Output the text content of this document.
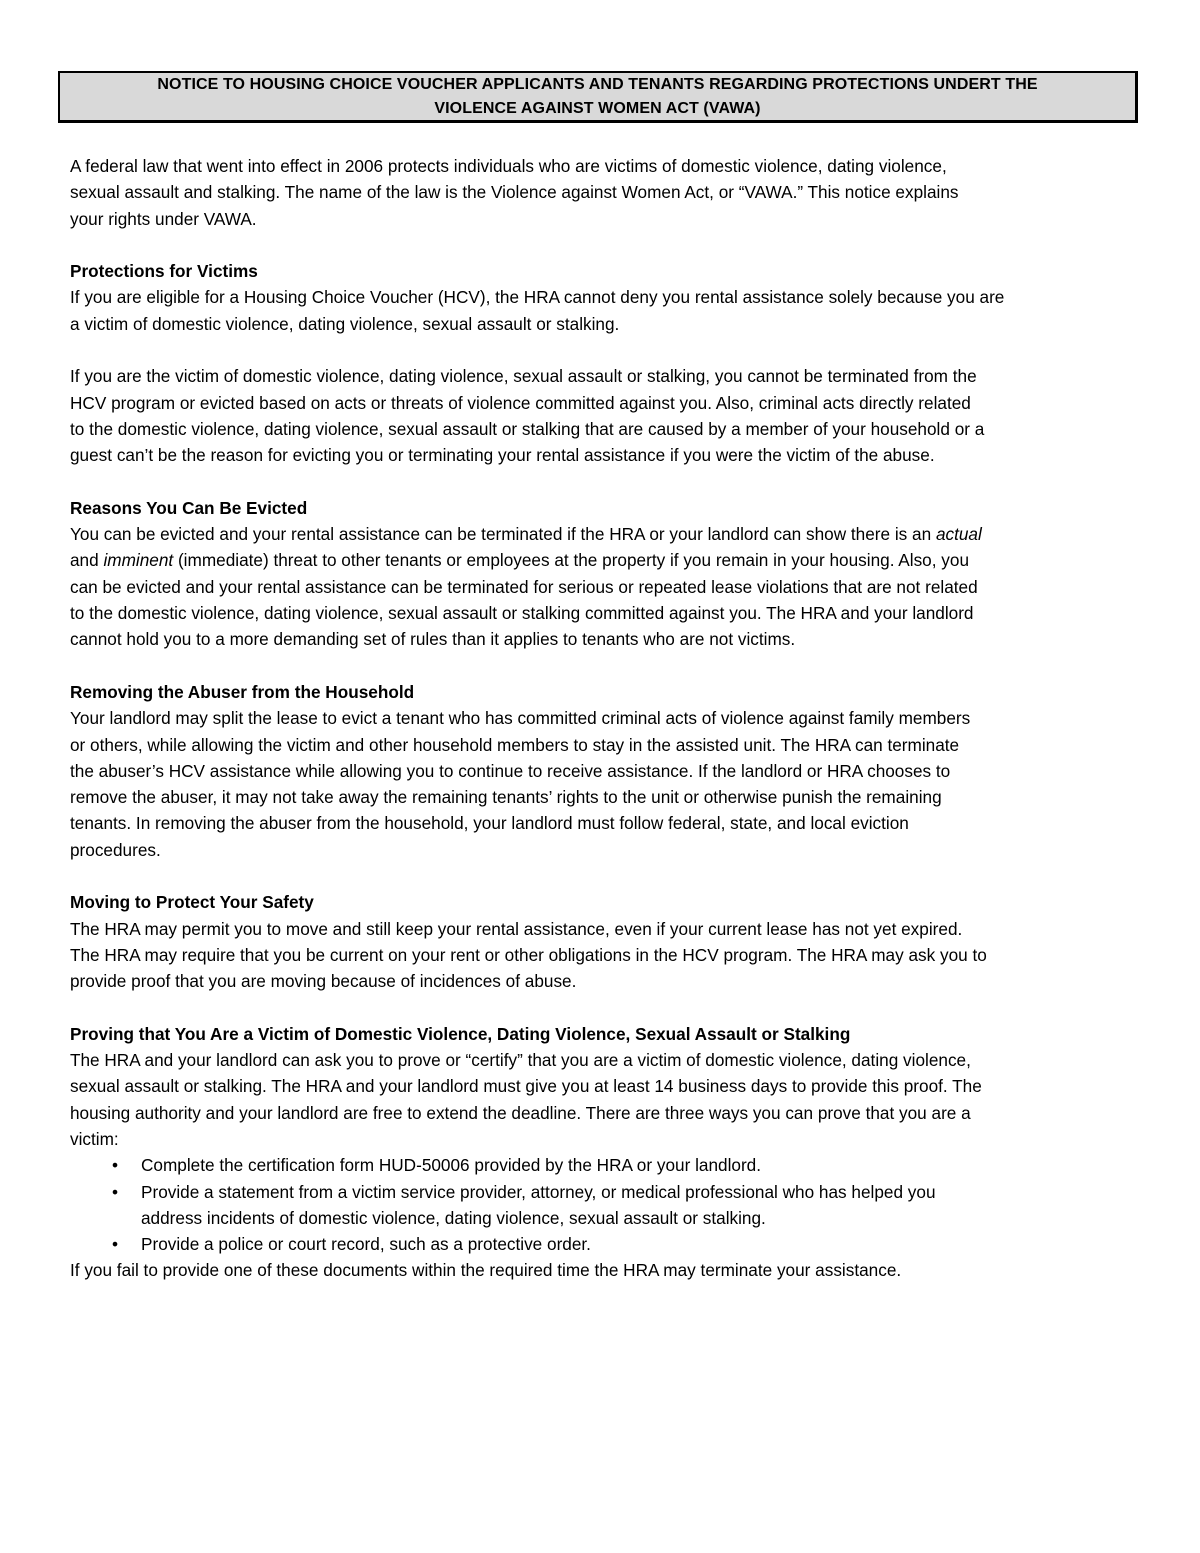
NOTICE TO HOUSING CHOICE VOUCHER APPLICANTS AND TENANTS REGARDING PROTECTIONS UNDERT THE
VIOLENCE AGAINST WOMEN ACT (VAWA)
A federal law that went into effect in 2006 protects individuals who are victims of domestic violence, dating violence,
sexual assault and stalking. The name of the law is the Violence against Women Act, or “VAWA.” This notice explains
your rights under VAWA.
Protections for Victims
If you are eligible for a Housing Choice Voucher (HCV), the HRA cannot deny you rental assistance solely because you are
a victim of domestic violence, dating violence, sexual assault or stalking.
If you are the victim of domestic violence, dating violence, sexual assault or stalking, you cannot be terminated from the
HCV program or evicted based on acts or threats of violence committed against you. Also, criminal acts directly related
to the domestic violence, dating violence, sexual assault or stalking that are caused by a member of your household or a
guest can’t be the reason for evicting you or terminating your rental assistance if you were the victim of the abuse.
Reasons You Can Be Evicted
You can be evicted and your rental assistance can be terminated if the HRA or your landlord can show there is an actual
and imminent (immediate) threat to other tenants or employees at the property if you remain in your housing. Also, you
can be evicted and your rental assistance can be terminated for serious or repeated lease violations that are not related
to the domestic violence, dating violence, sexual assault or stalking committed against you. The HRA and your landlord
cannot hold you to a more demanding set of rules than it applies to tenants who are not victims.
Removing the Abuser from the Household
Your landlord may split the lease to evict a tenant who has committed criminal acts of violence against family members
or others, while allowing the victim and other household members to stay in the assisted unit. The HRA can terminate
the abuser’s HCV assistance while allowing you to continue to receive assistance. If the landlord or HRA chooses to
remove the abuser, it may not take away the remaining tenants’ rights to the unit or otherwise punish the remaining
tenants. In removing the abuser from the household, your landlord must follow federal, state, and local eviction
procedures.
Moving to Protect Your Safety
The HRA may permit you to move and still keep your rental assistance, even if your current lease has not yet expired.
The HRA may require that you be current on your rent or other obligations in the HCV program. The HRA may ask you to
provide proof that you are moving because of incidences of abuse.
Proving that You Are a Victim of Domestic Violence, Dating Violence, Sexual Assault or Stalking
The HRA and your landlord can ask you to prove or “certify” that you are a victim of domestic violence, dating violence,
sexual assault or stalking. The HRA and your landlord must give you at least 14 business days to provide this proof. The
housing authority and your landlord are free to extend the deadline. There are three ways you can prove that you are a
victim:
• Complete the certification form HUD-50006 provided by the HRA or your landlord.
• Provide a statement from a victim service provider, attorney, or medical professional who has helped you
address incidents of domestic violence, dating violence, sexual assault or stalking.
• Provide a police or court record, such as a protective order.
If you fail to provide one of these documents within the required time the HRA may terminate your assistance.
